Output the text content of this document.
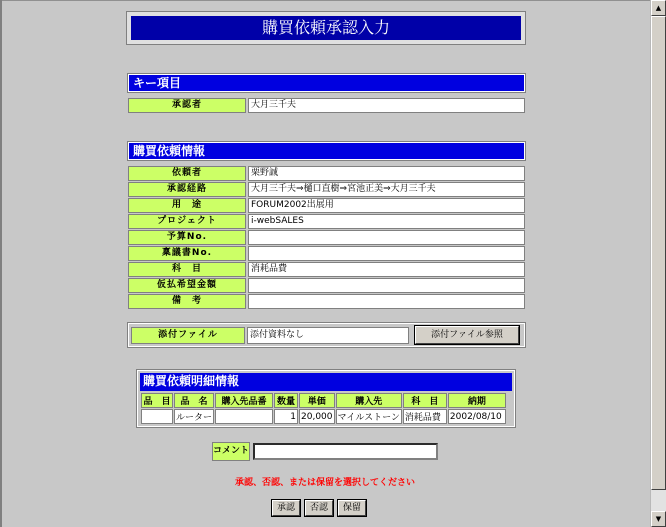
購買依頼承認入力
キー項目
承認者	大月三千夫
購買依頼情報
依頼者	栗野誠
承認経路	大月三千夫⇒樋口直樹⇒宮池正美⇒大月三千夫
用　途	FORUM2002出展用
プロジェクト	i-webSALES
予算No.
稟議書No.
科　目	消耗品費
仮払希望金額
備　考
添付ファイル	添付資料なし	添付ファイル参照
購買依頼明細情報
品　目	品　名	購入先品番	数量	単価	購入先	科　目	納期
	ルーター		1	20,000	マイルストーン	消耗品費	2002/08/10
コメント
承認、否認、または保留を選択してください
承認	否認	保留
▲
▼
